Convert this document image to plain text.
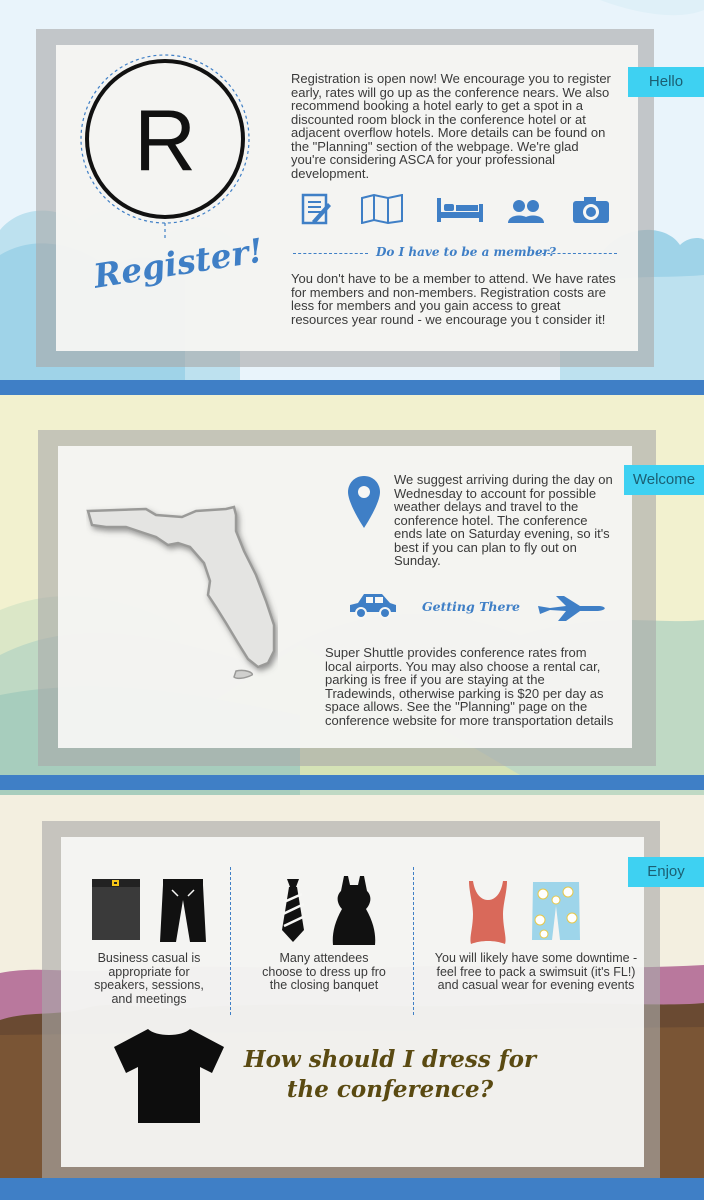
Hello
R
Register!
Registration is open now! We encourage you to register early, rates will go up as the conference nears. We also recommend booking a hotel early to get a spot in a discounted room block in the conference hotel or at adjacent overflow hotels. More details can be found on the "Planning" section of the webpage. We're glad you're considering ASCA for your professional development.
Do I have to be a member?
You don't have to be a member to attend. We have rates for members and non-members. Registration costs are less for members and you gain access to great resources year round - we encourage you t consider it!
Welcome
We suggest arriving during the day on Wednesday to account for possible weather delays and travel to the conference hotel. The conference ends late on Saturday evening, so it's best if you can plan to fly out on Sunday.
Getting There
Super Shuttle provides conference rates from local airports. You may also choose a rental car, parking is free if you are staying at the Tradewinds, otherwise parking is $20 per day as space allows. See the "Planning" page on the conference website for more transportation details
Enjoy
Business casual is appropriate for speakers, sessions, and meetings
Many attendees choose to dress up fro the closing banquet
You will likely have some downtime - feel free to pack a swimsuit (it's FL!) and casual wear for evening events
How should I dress for the conference?
